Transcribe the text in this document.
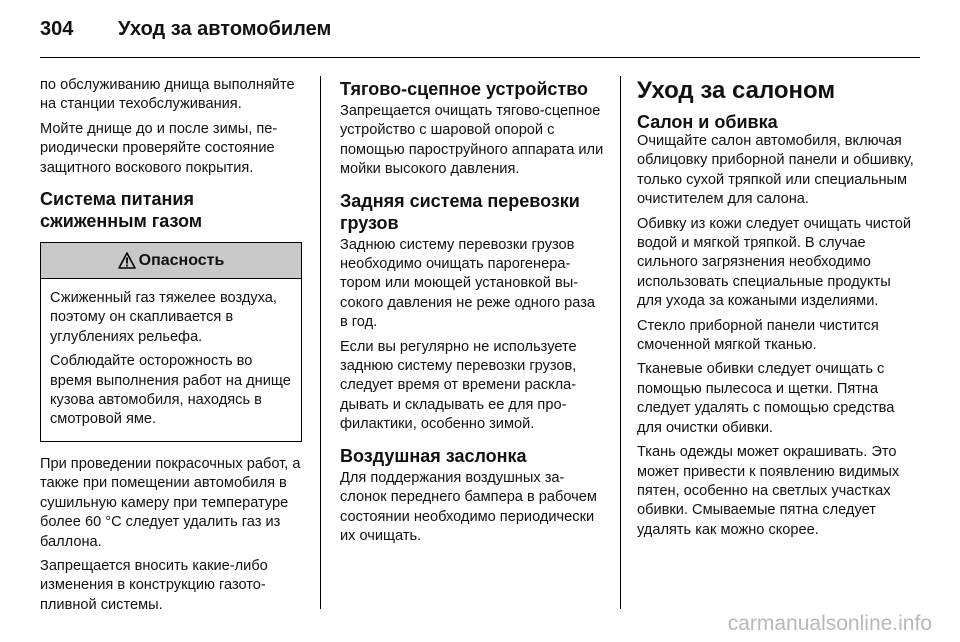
304	Уход за автомобилем

по обслуживанию днища выполняйте на станции техобслуживания.

Мойте днище до и после зимы, периодически проверяйте состояние защитного воскового покрытия.

Система питания сжиженным газом
Опасность

Сжиженный газ тяжелее воздуха, поэтому он скапливается в углублениях рельефа.

Соблюдайте осторожность во время выполнения работ на днище кузова автомобиля, находясь в смотровой яме.

При проведении покрасочных работ, а также при помещении автомобиля в сушильную камеру при температуре более 60 °C следует удалить газ из баллона.

Запрещается вносить какие-либо изменения в конструкцию газотопливной системы.

Тягово-сцепное устройство

Запрещается очищать тягово-сцепное устройство с шаровой опорой с помощью пароструйного аппарата или мойки высокого давления.

Задняя система перевозки грузов

Заднюю систему перевозки грузов необходимо очищать парогенератором или моющей установкой высокого давления не реже одного раза в год.

Если вы регулярно не используете заднюю систему перевозки грузов, следует время от времени раскладывать и складывать ее для профилактики, особенно зимой.

Воздушная заслонка

Для поддержания воздушных заслонок переднего бампера в рабочем состоянии необходимо периодически их очищать.

Уход за салоном
Салон и обивка

Очищайте салон автомобиля, включая облицовку приборной панели и обшивку, только сухой тряпкой или специальным очистителем для салона.

Обивку из кожи следует очищать чистой водой и мягкой тряпкой. В случае сильного загрязнения необходимо использовать специальные продукты для ухода за кожаными изделиями.

Стекло приборной панели чистится смоченной мягкой тканью.

Тканевые обивки следует очищать с помощью пылесоса и щетки. Пятна следует удалять с помощью средства для очистки обивки.

Ткань одежды может окрашивать. Это может привести к появлению видимых пятен, особенно на светлых участках обивки. Смываемые пятна следует удалять как можно скорее.

carmanualsonline.info
